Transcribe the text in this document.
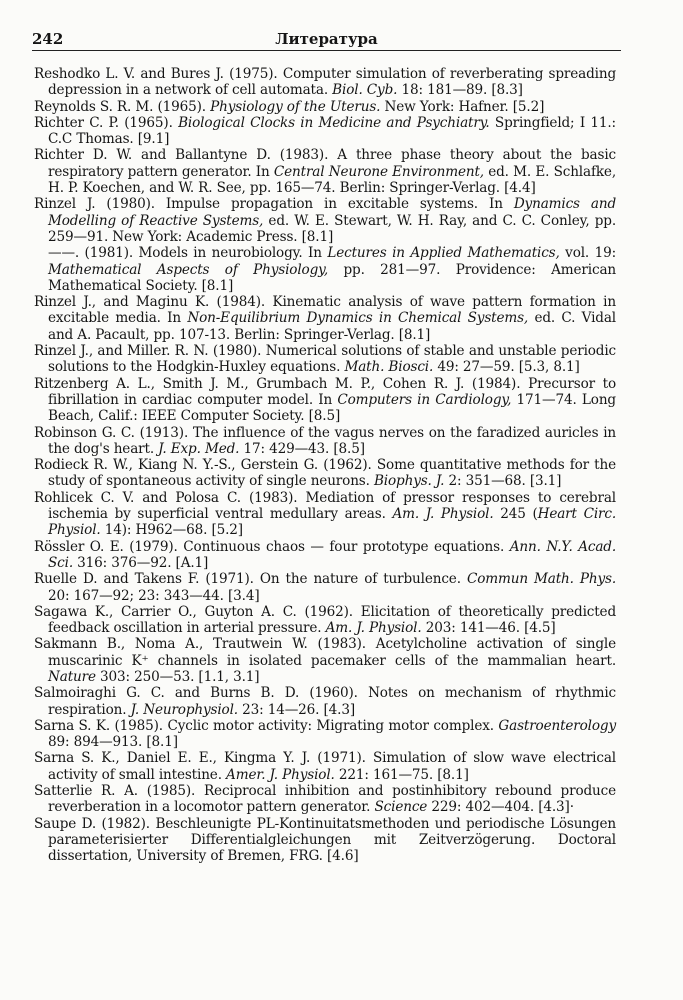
242	Литература

Reshodko L. V. and Bures J. (1975). Computer simulation of reverberating spreading depression in a network of cell automata. Biol. Cyb. 18: 181—89. [8.3]

Reynolds S. R. M. (1965). Physiology of the Uterus. New York: Hafner. [5.2]

Richter C. P. (1965). Biological Clocks in Medicine and Psychiatry. Springfield; I 11.: C.C Thomas. [9.1]

Richter D. W. and Ballantyne D. (1983). A three phase theory about the basic respiratory pattern generator. In Central Neurone Environment, ed. M. E. Schlafke, H. P. Koechen, and W. R. See, pp. 165—74. Berlin: Springer-Verlag. [4.4]

Rinzel J. (1980). Impulse propagation in excitable systems. In Dynamics and Modelling of Reactive Systems, ed. W. E. Stewart, W. H. Ray, and C. C. Conley, pp. 259—91. New York: Academic Press. [8.1]

——. (1981). Models in neurobiology. In Lectures in Applied Mathematics, vol. 19: Mathematical Aspects of Physiology, pp. 281—97. Providence: American Mathematical Society. [8.1]

Rinzel J., and Maginu K. (1984). Kinematic analysis of wave pattern formation in excitable media. In Non-Equilibrium Dynamics in Chemical Systems, ed. C. Vidal and A. Pacault, pp. 107-13. Berlin: Springer-Verlag. [8.1]

Rinzel J., and Miller. R. N. (1980). Numerical solutions of stable and unstable periodic solutions to the Hodgkin-Huxley equations. Math. Biosci. 49: 27—59. [5.3, 8.1]

Ritzenberg A. L., Smith J. M., Grumbach M. P., Cohen R. J. (1984). Precursor to fibrillation in cardiac computer model. In Computers in Cardiology, 171—74. Long Beach, Calif.: IEEE Computer Society. [8.5]

Robinson G. C. (1913). The influence of the vagus nerves on the faradized auricles in the dog's heart. J. Exp. Med. 17: 429—43. [8.5]

Rodieck R. W., Kiang N. Y.-S., Gerstein G. (1962). Some quantitative methods for the study of spontaneous activity of single neurons. Biophys. J. 2: 351—68. [3.1]

Rohlicek C. V. and Polosa C. (1983). Mediation of pressor responses to cerebral ischemia by superficial ventral medullary areas. Am. J. Physiol. 245 (Heart Circ. Physiol. 14): H962—68. [5.2]

Rössler O. E. (1979). Continuous chaos — four prototype equations. Ann. N.Y. Acad. Sci. 316: 376—92. [A.1]

Ruelle D. and Takens F. (1971). On the nature of turbulence. Commun Math. Phys. 20: 167—92; 23: 343—44. [3.4]

Sagawa K., Carrier O., Guyton A. C. (1962). Elicitation of theoretically predicted feedback oscillation in arterial pressure. Am. J. Physiol. 203: 141—46. [4.5]

Sakmann B., Noma A., Trautwein W. (1983). Acetylcholine activation of single muscarinic K⁺ channels in isolated pacemaker cells of the mammalian heart. Nature 303: 250—53. [1.1, 3.1]

Salmoiraghi G. C. and Burns B. D. (1960). Notes on mechanism of rhythmic respiration. J. Neurophysiol. 23: 14—26. [4.3]

Sarna S. K. (1985). Cyclic motor activity: Migrating motor complex. Gastroenterology 89: 894—913. [8.1]

Sarna S. K., Daniel E. E., Kingma Y. J. (1971). Simulation of slow wave electrical activity of small intestine. Amer. J. Physiol. 221: 161—75. [8.1]

Satterlie R. A. (1985). Reciprocal inhibition and postinhibitory rebound produce reverberation in a locomotor pattern generator. Science 229: 402—404. [4.3]·

Saupe D. (1982). Beschleunigte PL-Kontinuitatsmethoden und periodische Lösungen parameterisierter Differentialgleichungen mit Zeitverzögerung. Doctoral dissertation, University of Bremen, FRG. [4.6]
